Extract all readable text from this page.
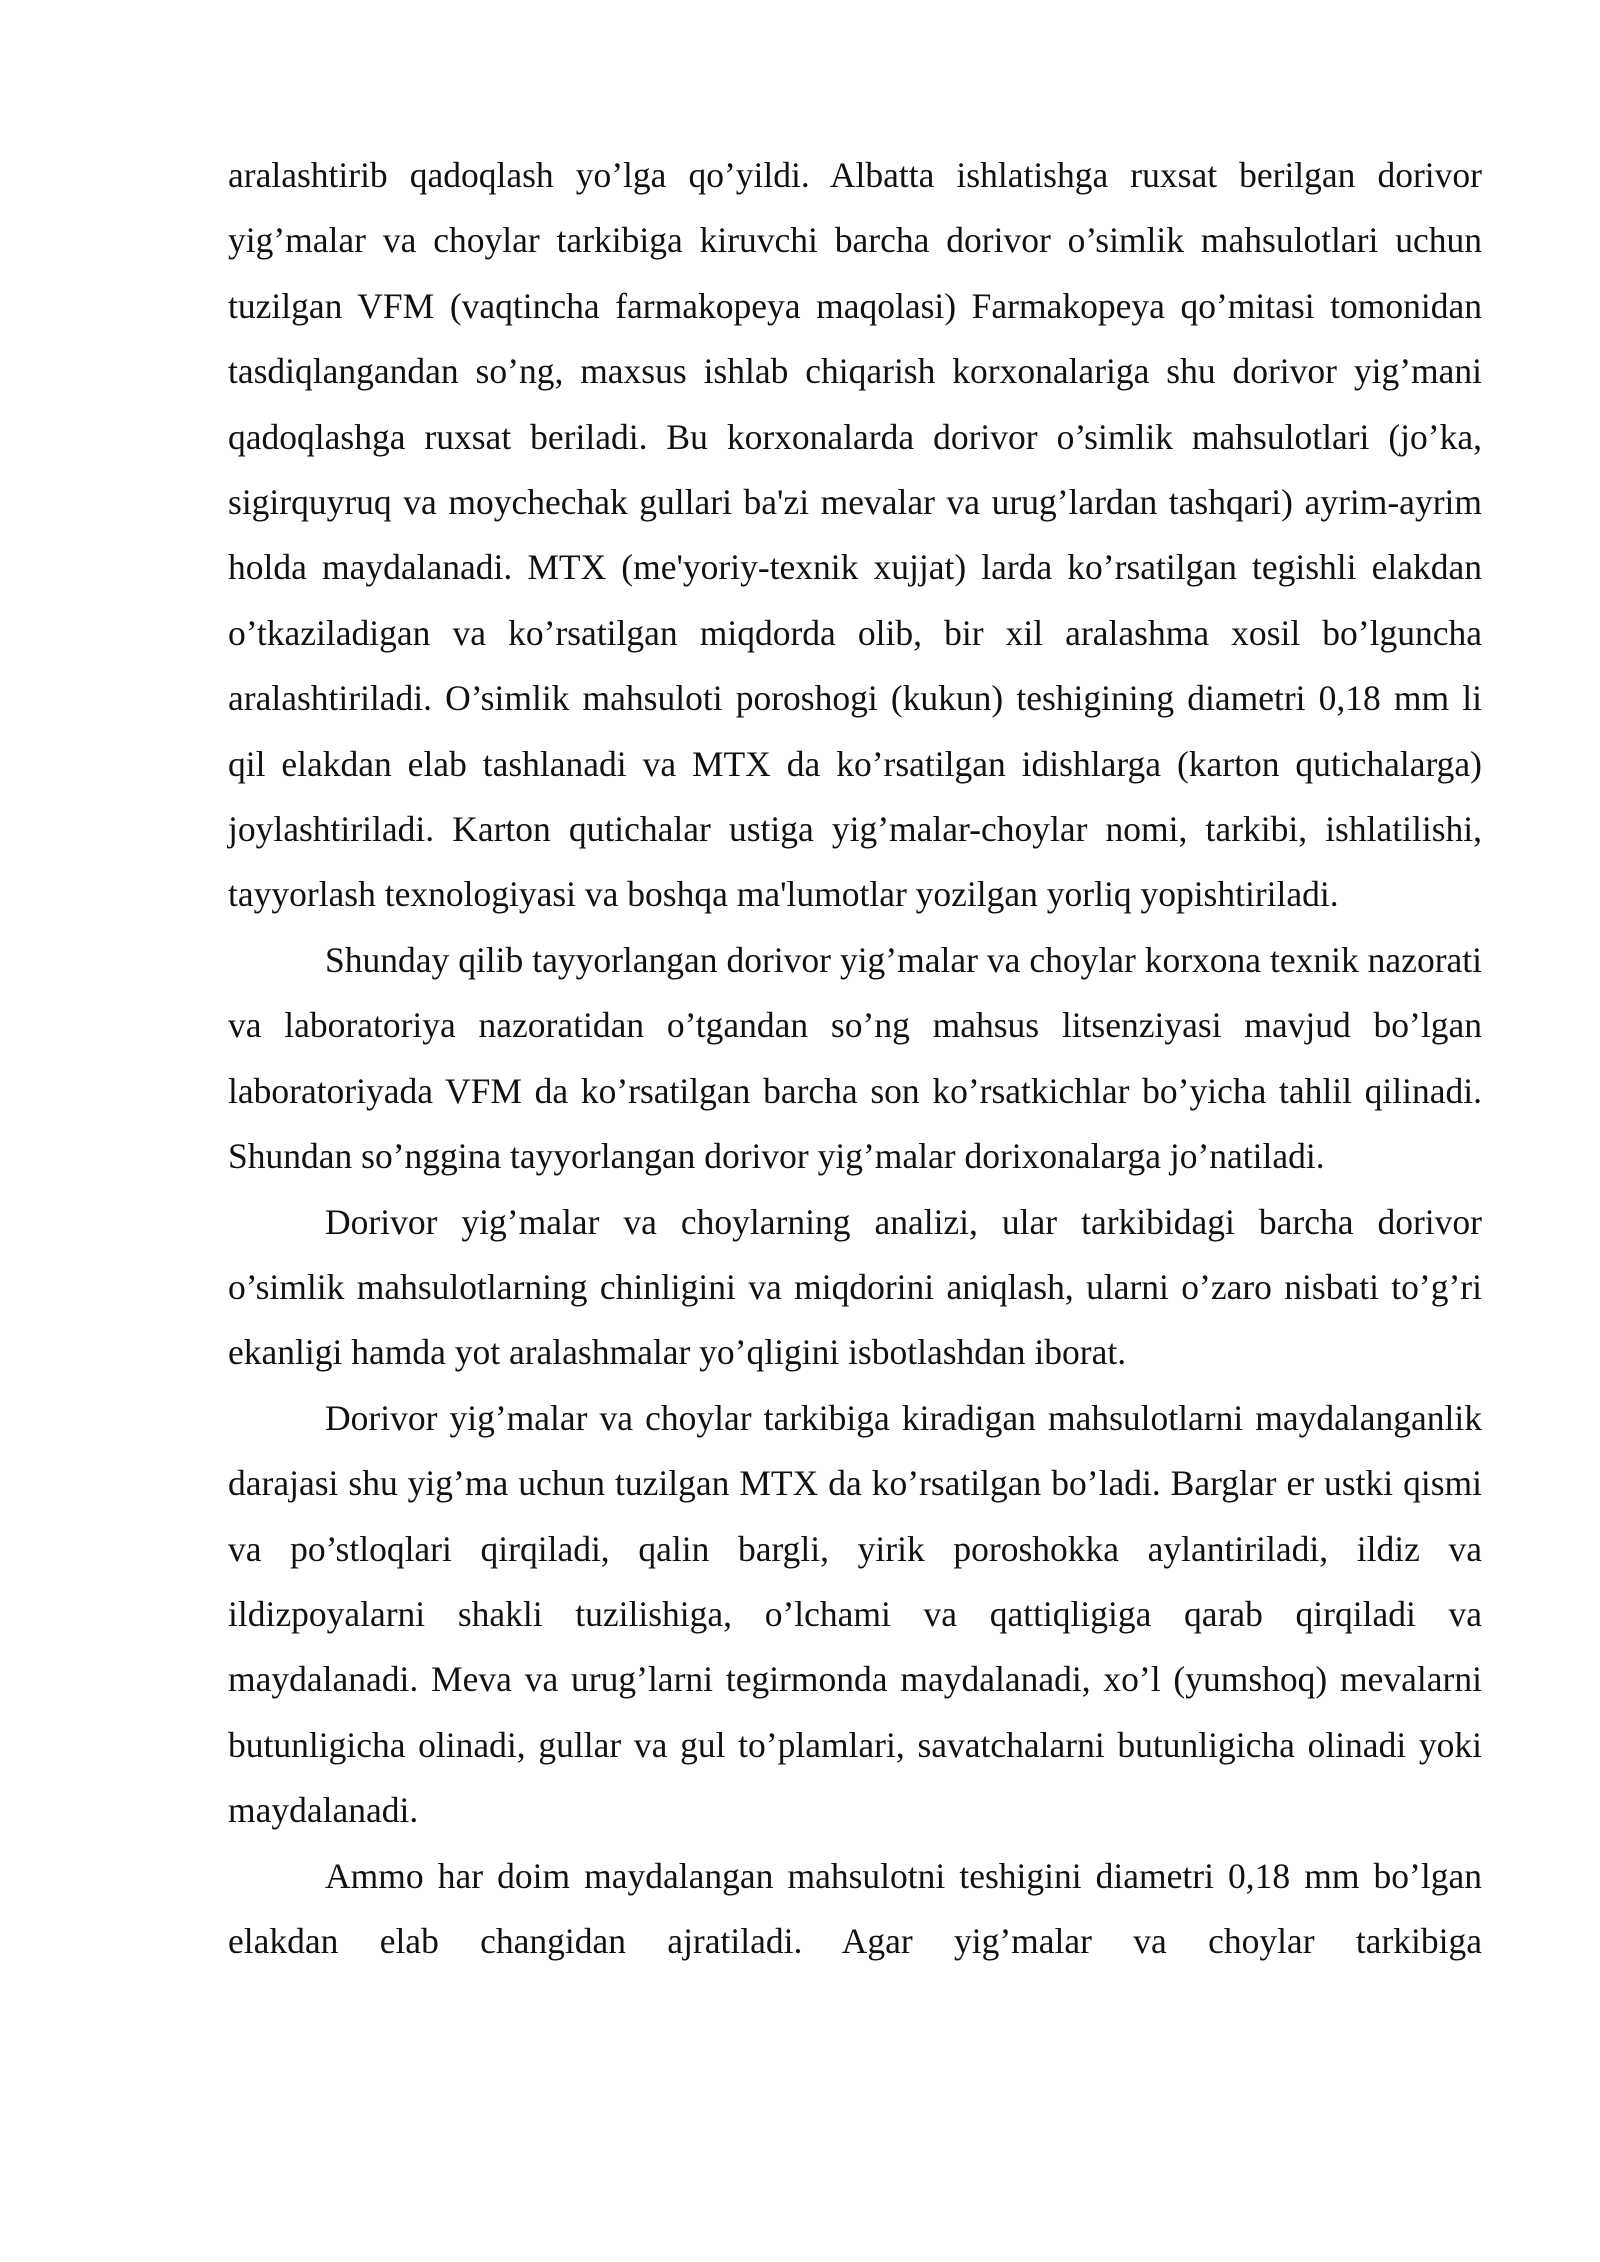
aralashtirib qadoqlash yo’lga qo’yildi. Albatta ishlatishga ruxsat berilgan dorivor yig’malar va choylar tarkibiga kiruvchi barcha dorivor o’simlik mahsulotlari uchun tuzilgan VFM (vaqtincha farmakopeya maqolasi) Farmakopeya qo’mitasi tomonidan tasdiqlangandan so’ng, maxsus ishlab chiqarish korxonalariga shu dorivor yig’mani qadoqlashga ruxsat beriladi. Bu korxonalarda dorivor o’simlik mahsulotlari (jo’ka, sigirquyruq va moychechak gullari ba'zi mevalar va urug’lardan tashqari) ayrim-ayrim holda maydalanadi. MTX (me'yoriy-texnik xujjat) larda ko’rsatilgan tegishli elakdan o’tkaziladigan va ko’rsatilgan miqdorda olib, bir xil aralashma xosil bo’lguncha aralashtiriladi. O’simlik mahsuloti poroshogi (kukun) teshigining diametri 0,18 mm li qil elakdan elab tashlanadi va MTX da ko’rsatilgan idishlarga (karton qutichalarga) joylashtiriladi. Karton qutichalar ustiga yig’malar-choylar nomi, tarkibi, ishlatilishi, tayyorlash texnologiyasi va boshqa ma'lumotlar yozilgan yorliq yopishtiriladi.

Shunday qilib tayyorlangan dorivor yig’malar va choylar korxona texnik nazorati va laboratoriya nazoratidan o’tgandan so’ng mahsus litsenziyasi mavjud bo’lgan laboratoriyada VFM da ko’rsatilgan barcha son ko’rsatkichlar bo’yicha tahlil qilinadi. Shundan so’nggina tayyorlangan dorivor yig’malar dorixonalarga jo’natiladi.

Dorivor yig’malar va choylarning analizi, ular tarkibidagi barcha dorivor o’simlik mahsulotlarning chinligini va miqdorini aniqlash, ularni o’zaro nisbati to’g’ri ekanligi hamda yot aralashmalar yo’qligini isbotlashdan iborat.

Dorivor yig’malar va choylar tarkibiga kiradigan mahsulotlarni maydalanganlik darajasi shu yig’ma uchun tuzilgan MTX da ko’rsatilgan bo’ladi. Barglar er ustki qismi va po’stloqlari qirqiladi, qalin bargli, yirik poroshokka aylantiriladi, ildiz va ildizpoyalarni shakli tuzilishiga, o’lchami va qattiqligiga qarab qirqiladi va maydalanadi. Meva va urug’larni tegirmonda maydalanadi, xo’l (yumshoq) mevalarni butunligicha olinadi, gullar va gul to’plamlari, savatchalarni butunligicha olinadi yoki maydalanadi.

Ammo har doim maydalangan mahsulotni teshigini diametri 0,18 mm bo’lgan elakdan elab changidan ajratiladi. Agar yig’malar va choylar tarkibiga
